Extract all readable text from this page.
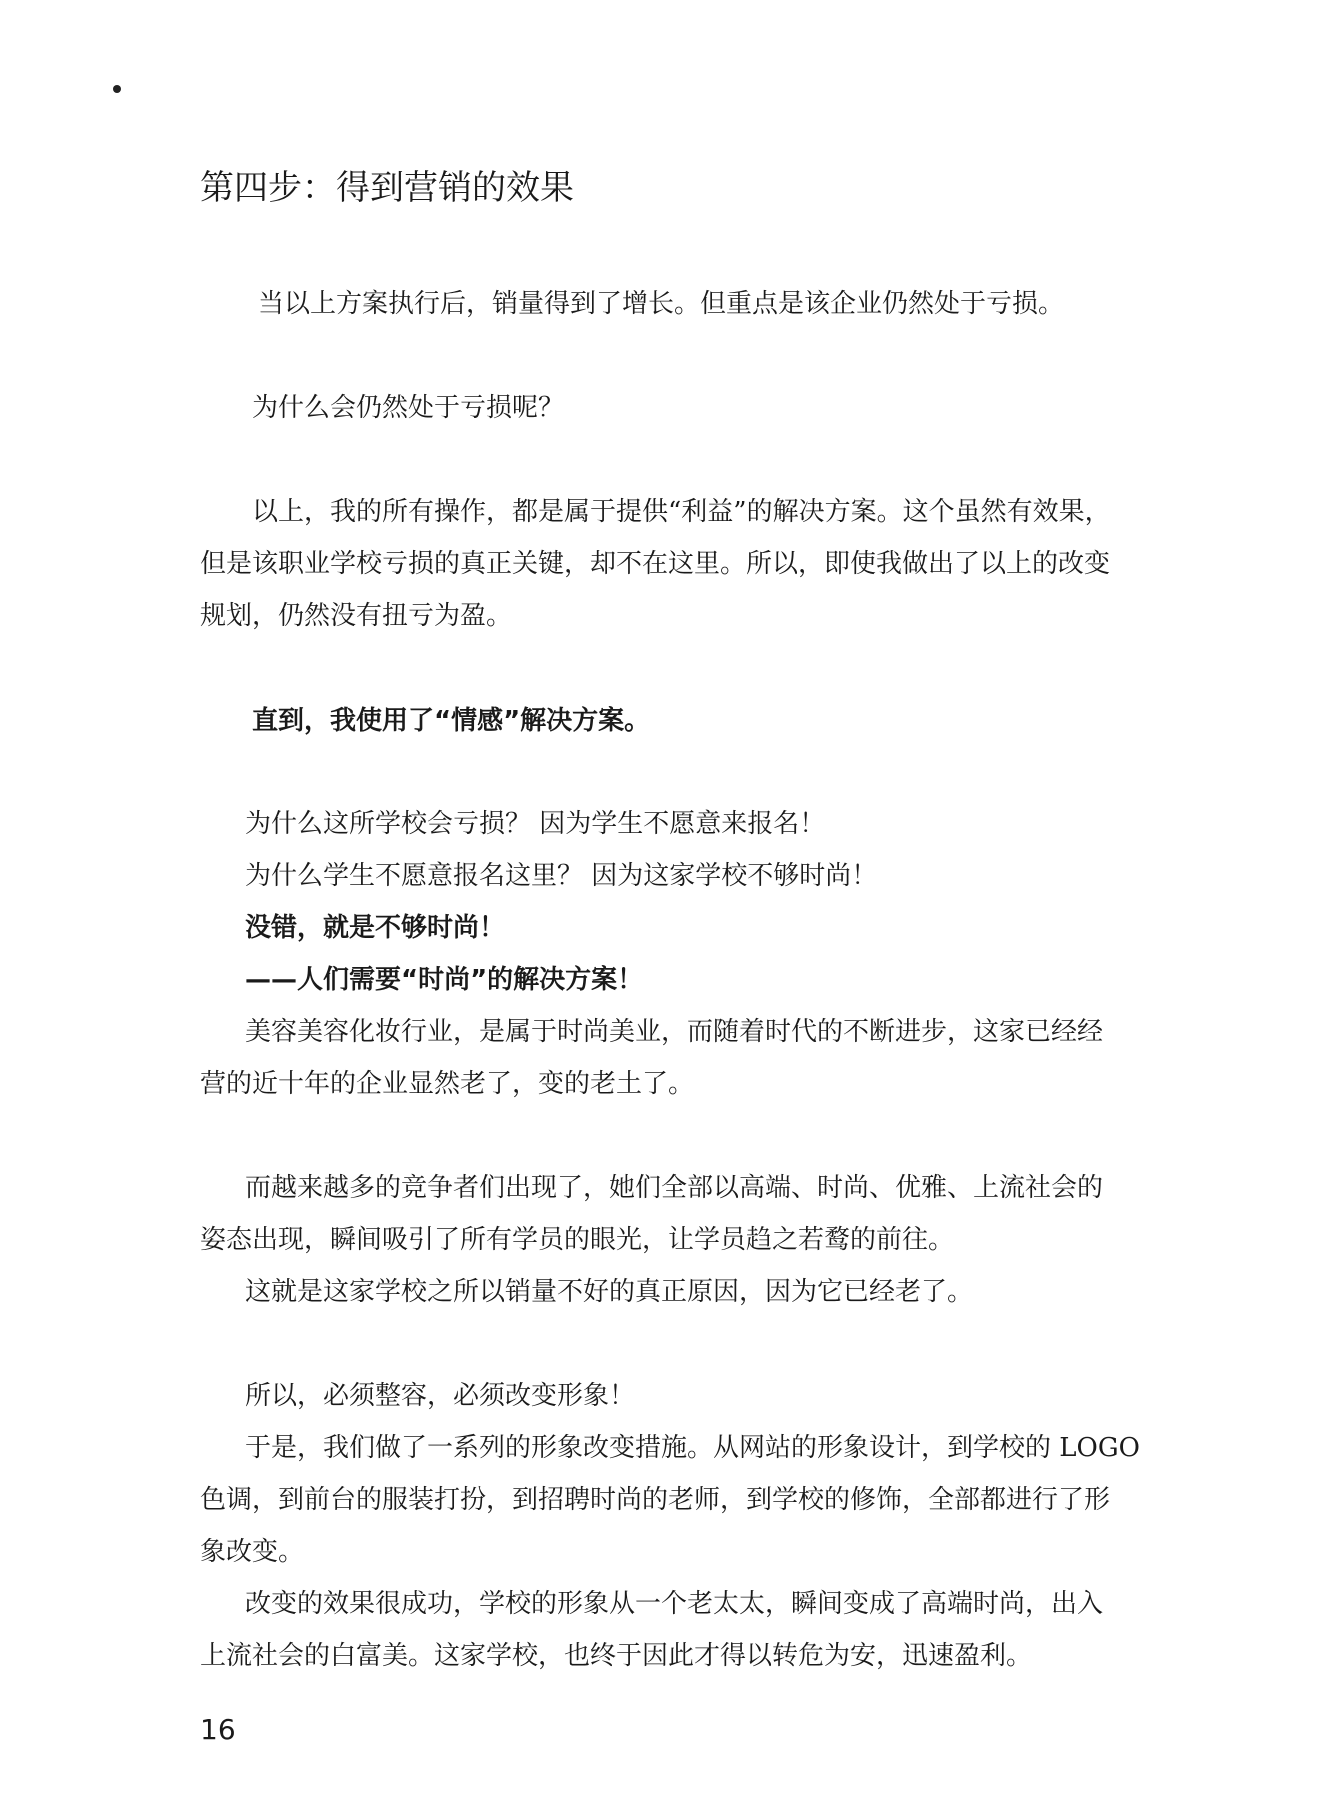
第四步：得到营销的效果
当以上方案执行后，销量得到了增长。但重点是该企业仍然处于亏损。
为什么会仍然处于亏损呢？
以上，我的所有操作，都是属于提供“利益”的解决方案。这个虽然有效果，
但是该职业学校亏损的真正关键，却不在这里。所以，即使我做出了以上的改变
规划，仍然没有扭亏为盈。
直到，我使用了“情感”解决方案。
为什么这所学校会亏损？ 因为学生不愿意来报名！
为什么学生不愿意报名这里？ 因为这家学校不够时尚！
没错，就是不够时尚！
——人们需要“时尚”的解决方案！
美容美容化妆行业，是属于时尚美业，而随着时代的不断进步，这家已经经
营的近十年的企业显然老了，变的老土了。
而越来越多的竞争者们出现了，她们全部以高端、时尚、优雅、上流社会的
姿态出现，瞬间吸引了所有学员的眼光，让学员趋之若鹜的前往。
这就是这家学校之所以销量不好的真正原因，因为它已经老了。
所以，必须整容，必须改变形象！
于是，我们做了一系列的形象改变措施。从网站的形象设计，到学校的 LOGO
色调，到前台的服装打扮，到招聘时尚的老师，到学校的修饰，全部都进行了形
象改变。
改变的效果很成功，学校的形象从一个老太太，瞬间变成了高端时尚，出入
上流社会的白富美。这家学校，也终于因此才得以转危为安，迅速盈利。
16
